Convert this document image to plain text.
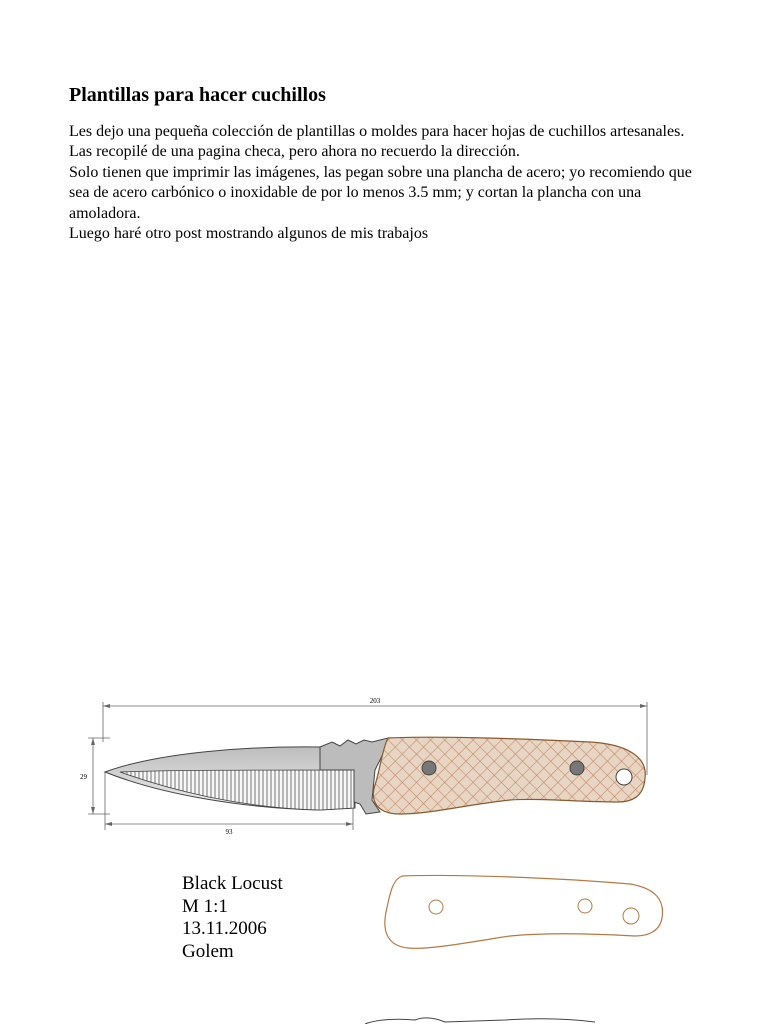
Plantillas para hacer cuchillos

Les dejo una pequeña colección de plantillas o moldes para hacer hojas de cuchillos artesanales. Las recopilé de una pagina checa, pero ahora no recuerdo la dirección.

Solo tienen que imprimir las imágenes, las pegan sobre una plancha de acero; yo recomiendo que sea de acero carbónico o inoxidable de por lo menos 3.5 mm; y cortan la plancha con una amoladora.

Luego haré otro post mostrando algunos de mis trabajos

203
29
93
Black Locust
M 1:1
13.11.2006
Golem
